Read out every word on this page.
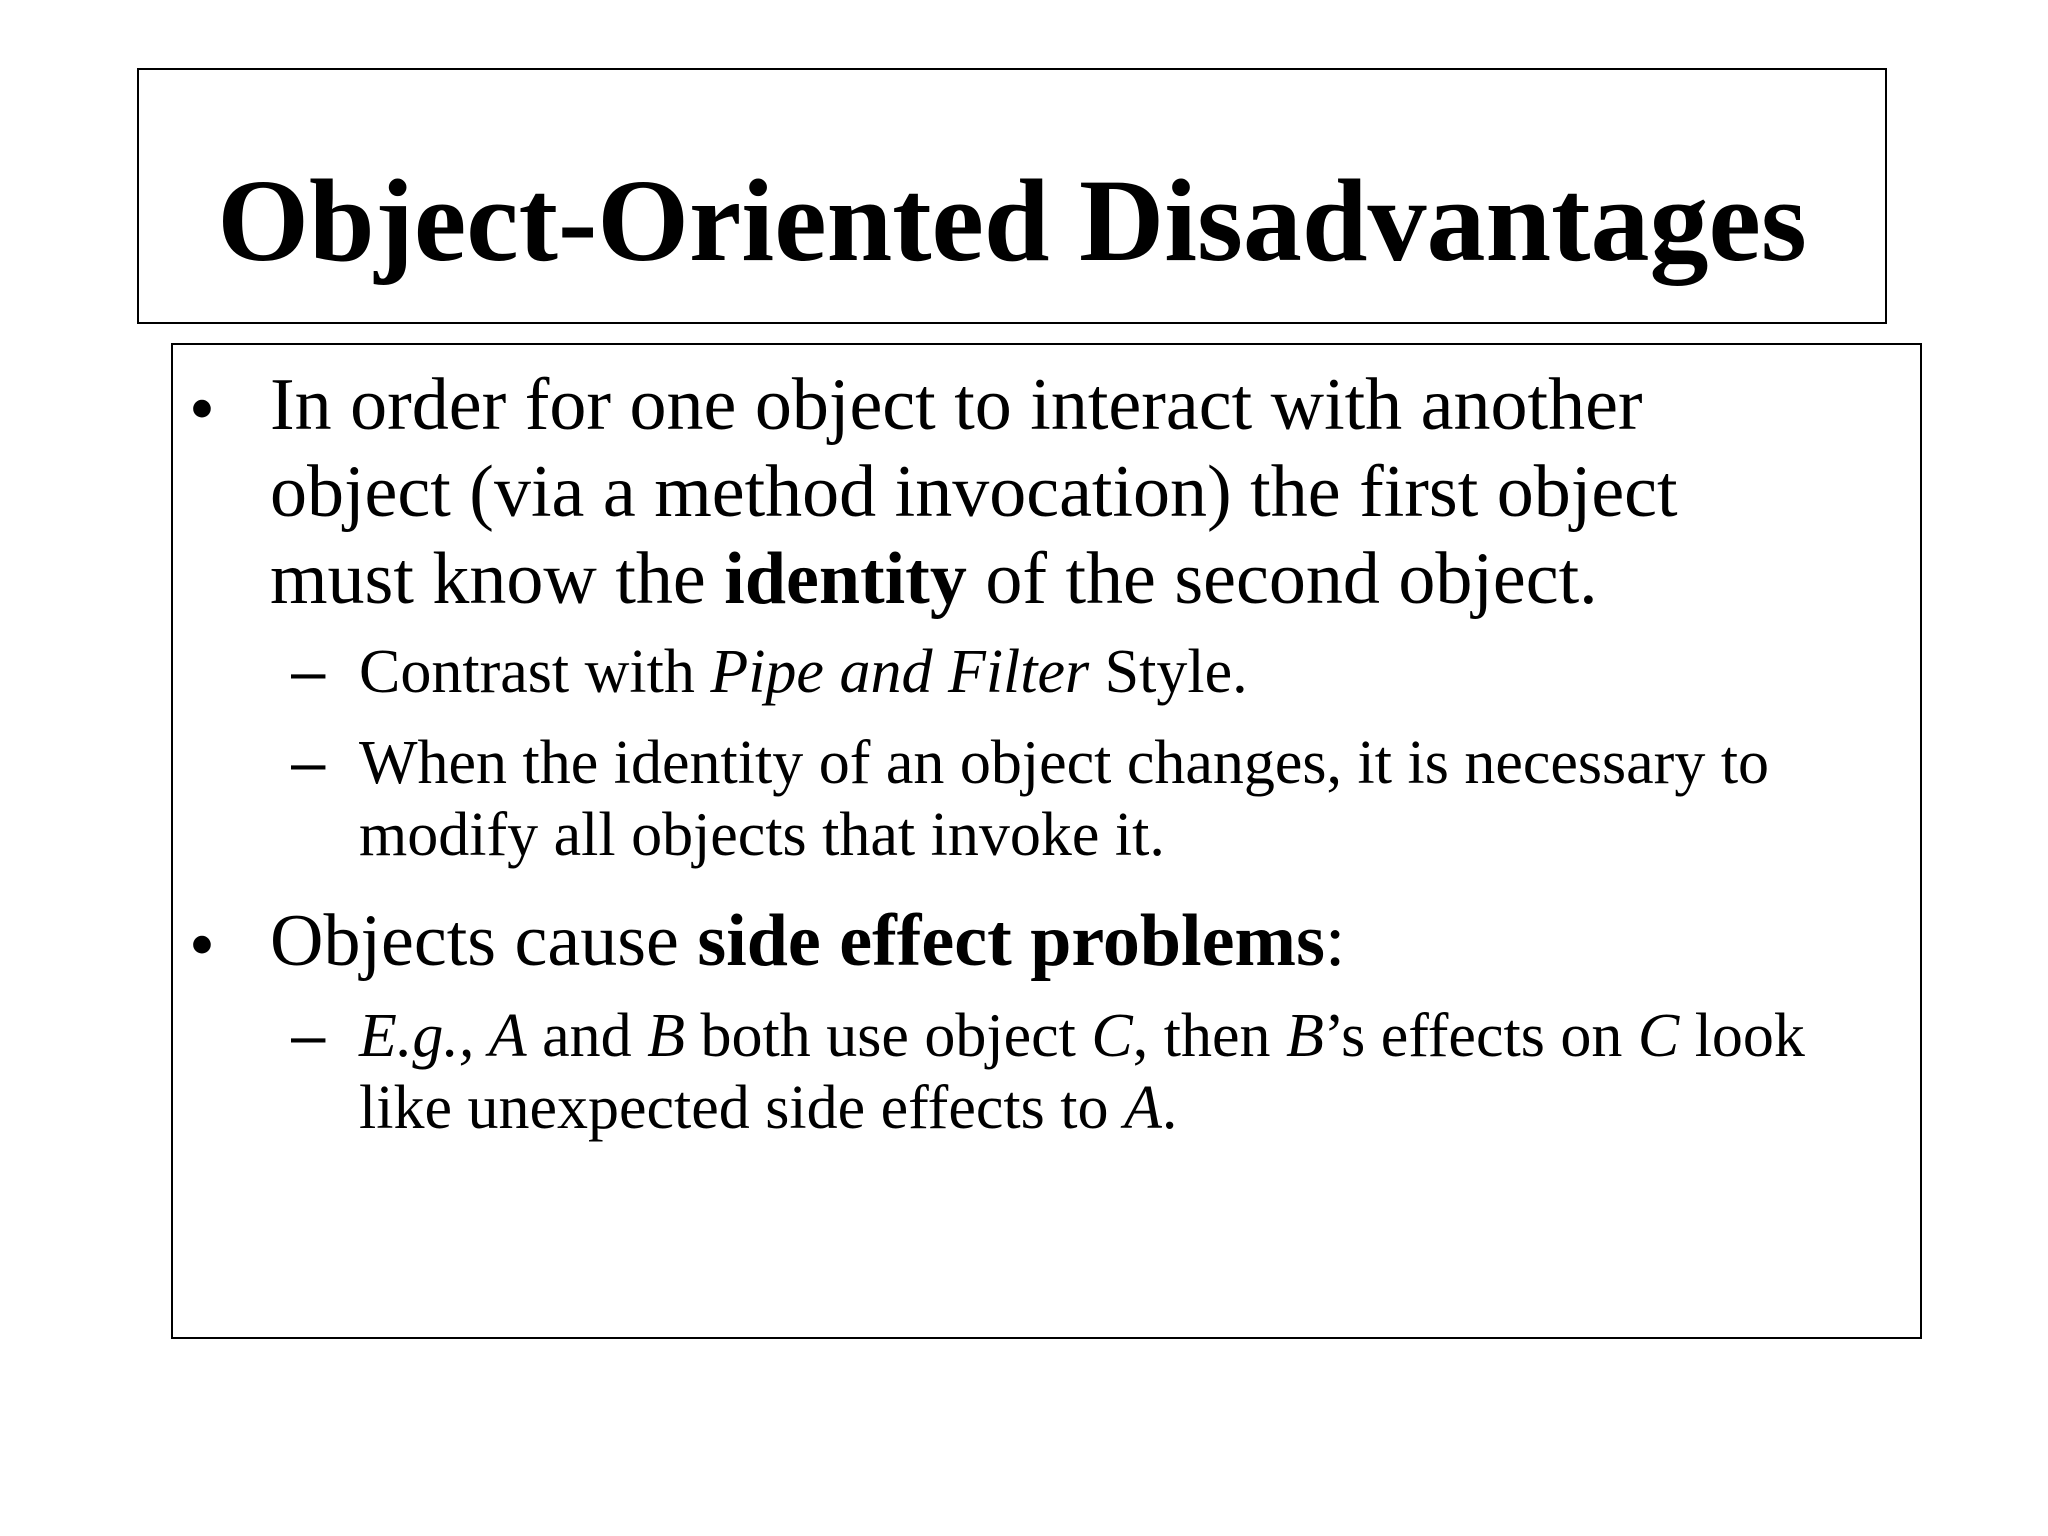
Object-Oriented Disadvantages
• In order for one object to interact with another object (via a method invocation) the first object must know the identity of the second object.
– Contrast with Pipe and Filter Style.
– When the identity of an object changes, it is necessary to modify all objects that invoke it.
• Objects cause side effect problems:
– E.g., A and B both use object C, then B’s effects on C look like unexpected side effects to A.
